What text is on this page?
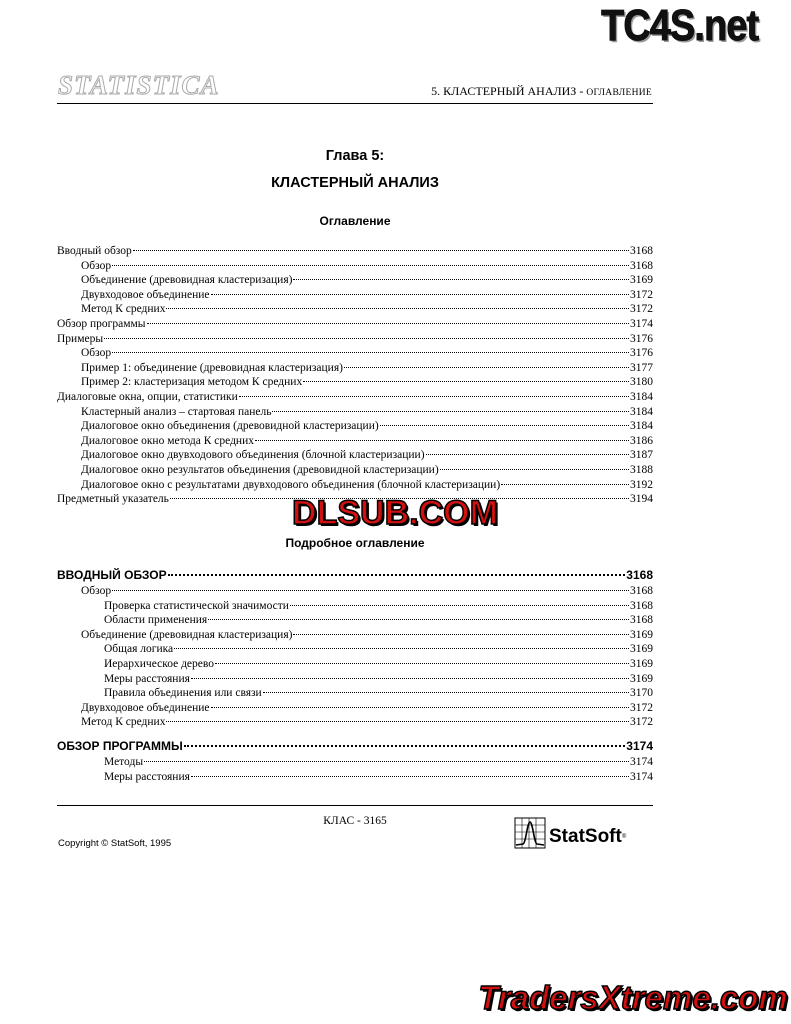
TC4S.net
STATISTICA	5. КЛАСТЕРНЫЙ АНАЛИЗ - ОГЛАВЛЕНИЕ
Глава 5:
КЛАСТЕРНЫЙ АНАЛИЗ
Оглавление
Вводный обзор	3168
Обзор	3168
Объединение (древовидная кластеризация)	3169
Двувходовое объединение	3172
Метод К средних	3172
Обзор программы	3174
Примеры	3176
Обзор	3176
Пример 1: объединение (древовидная кластеризация)	3177
Пример 2: кластеризация методом К средних	3180
Диалоговые окна, опции, статистики	3184
Кластерный анализ – стартовая панель	3184
Диалоговое окно объединения (древовидной кластеризации)	3184
Диалоговое окно метода К средних	3186
Диалоговое окно двувходового объединения (блочной кластеризации)	3187
Диалоговое окно результатов объединения (древовидной кластеризации)	3188
Диалоговое окно с результатами двувходового объединения (блочной кластеризации)	3192
Предметный указатель	3194
DLSUB.COM
Подробное оглавление
ВВОДНЫЙ ОБЗОР	3168
Обзор	3168
Проверка статистической значимости	3168
Области применения	3168
Объединение (древовидная кластеризация)	3169
Общая логика	3169
Иерархическое дерево	3169
Меры расстояния	3169
Правила объединения или связи	3170
Двувходовое объединение	3172
Метод К средних	3172
ОБЗОР ПРОГРАММЫ	3174
Методы	3174
Меры расстояния	3174
КЛАС - 3165
Copyright © StatSoft, 1995	StatSoft®
TradersXtreme.com
